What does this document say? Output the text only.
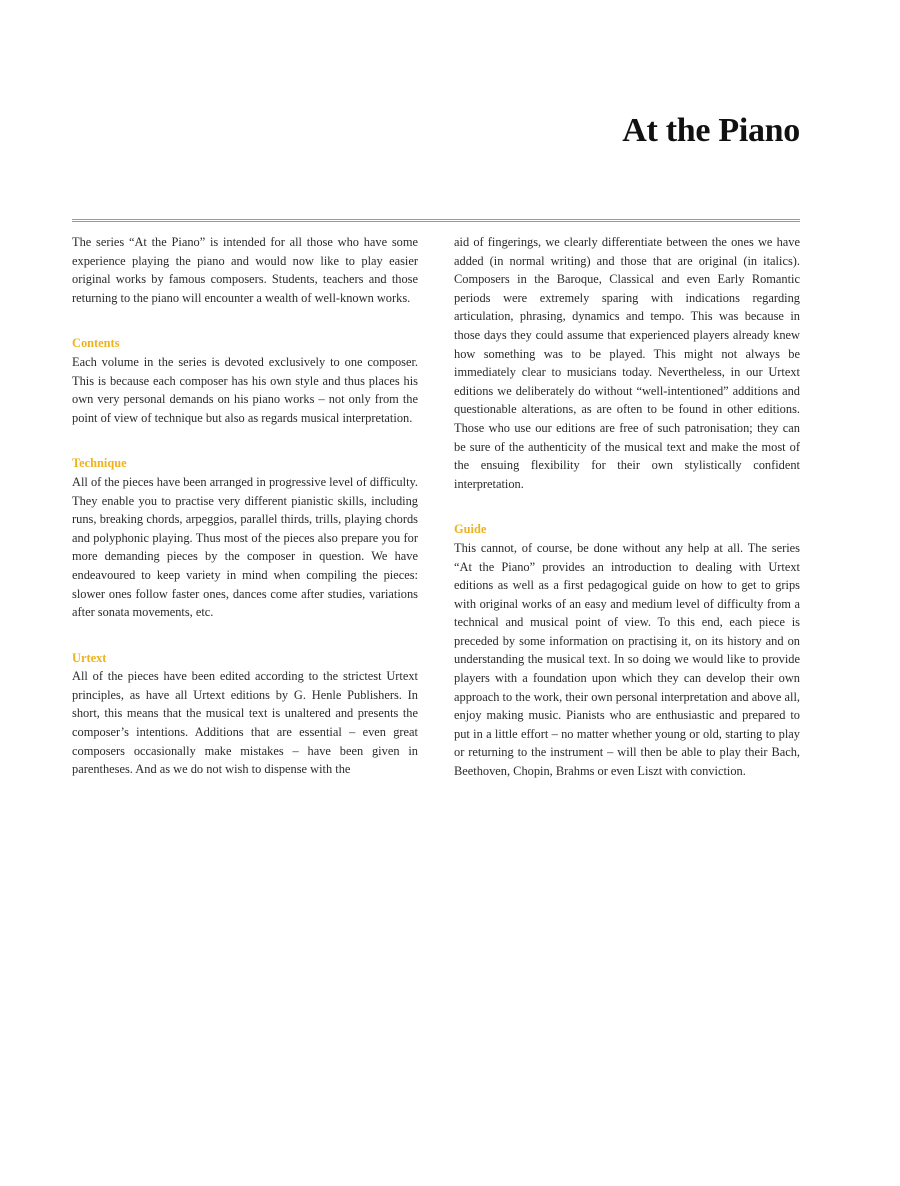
At the Piano

The series “At the Piano” is intended for all those who have some experience playing the piano and would now like to play easier original works by famous composers. Students, teachers and those returning to the piano will encounter a wealth of well-known works.

Contents

Each volume in the series is devoted exclusively to one composer. This is because each composer has his own style and thus places his own very personal demands on his piano works – not only from the point of view of technique but also as regards musical interpretation.

Technique

All of the pieces have been arranged in progressive level of difficulty. They enable you to practise very different pianistic skills, including runs, breaking chords, arpeggios, parallel thirds, trills, playing chords and polyphonic playing. Thus most of the pieces also prepare you for more demanding pieces by the composer in question. We have endeavoured to keep variety in mind when compiling the pieces: slower ones follow faster ones, dances come after studies, variations after sonata movements, etc.

Urtext

All of the pieces have been edited according to the strictest Urtext principles, as have all Urtext editions by G. Henle Publishers. In short, this means that the musical text is unaltered and presents the composer’s intentions. Additions that are essential – even great composers occasionally make mistakes – have been given in parentheses. And as we do not wish to dispense with the

aid of fingerings, we clearly differentiate between the ones we have added (in normal writing) and those that are original (in italics). Composers in the Baroque, Classical and even Early Romantic periods were extremely sparing with indications regarding articulation, phrasing, dynamics and tempo. This was because in those days they could assume that experienced players already knew how something was to be played. This might not always be immediately clear to musicians today. Nevertheless, in our Urtext editions we deliberately do without “well-intentioned” additions and questionable alterations, as are often to be found in other editions. Those who use our editions are free of such patronisation; they can be sure of the authenticity of the musical text and make the most of the ensuing flexibility for their own stylistically confident interpretation.

Guide

This cannot, of course, be done without any help at all. The series “At the Piano” provides an introduction to dealing with Urtext editions as well as a first pedagogical guide on how to get to grips with original works of an easy and medium level of difficulty from a technical and musical point of view. To this end, each piece is preceded by some information on practising it, on its history and on understanding the musical text. In so doing we would like to provide players with a foundation upon which they can develop their own approach to the work, their own personal interpretation and above all, enjoy making music. Pianists who are enthusiastic and prepared to put in a little effort – no matter whether young or old, starting to play or returning to the instrument – will then be able to play their Bach, Beethoven, Chopin, Brahms or even Liszt with conviction.
